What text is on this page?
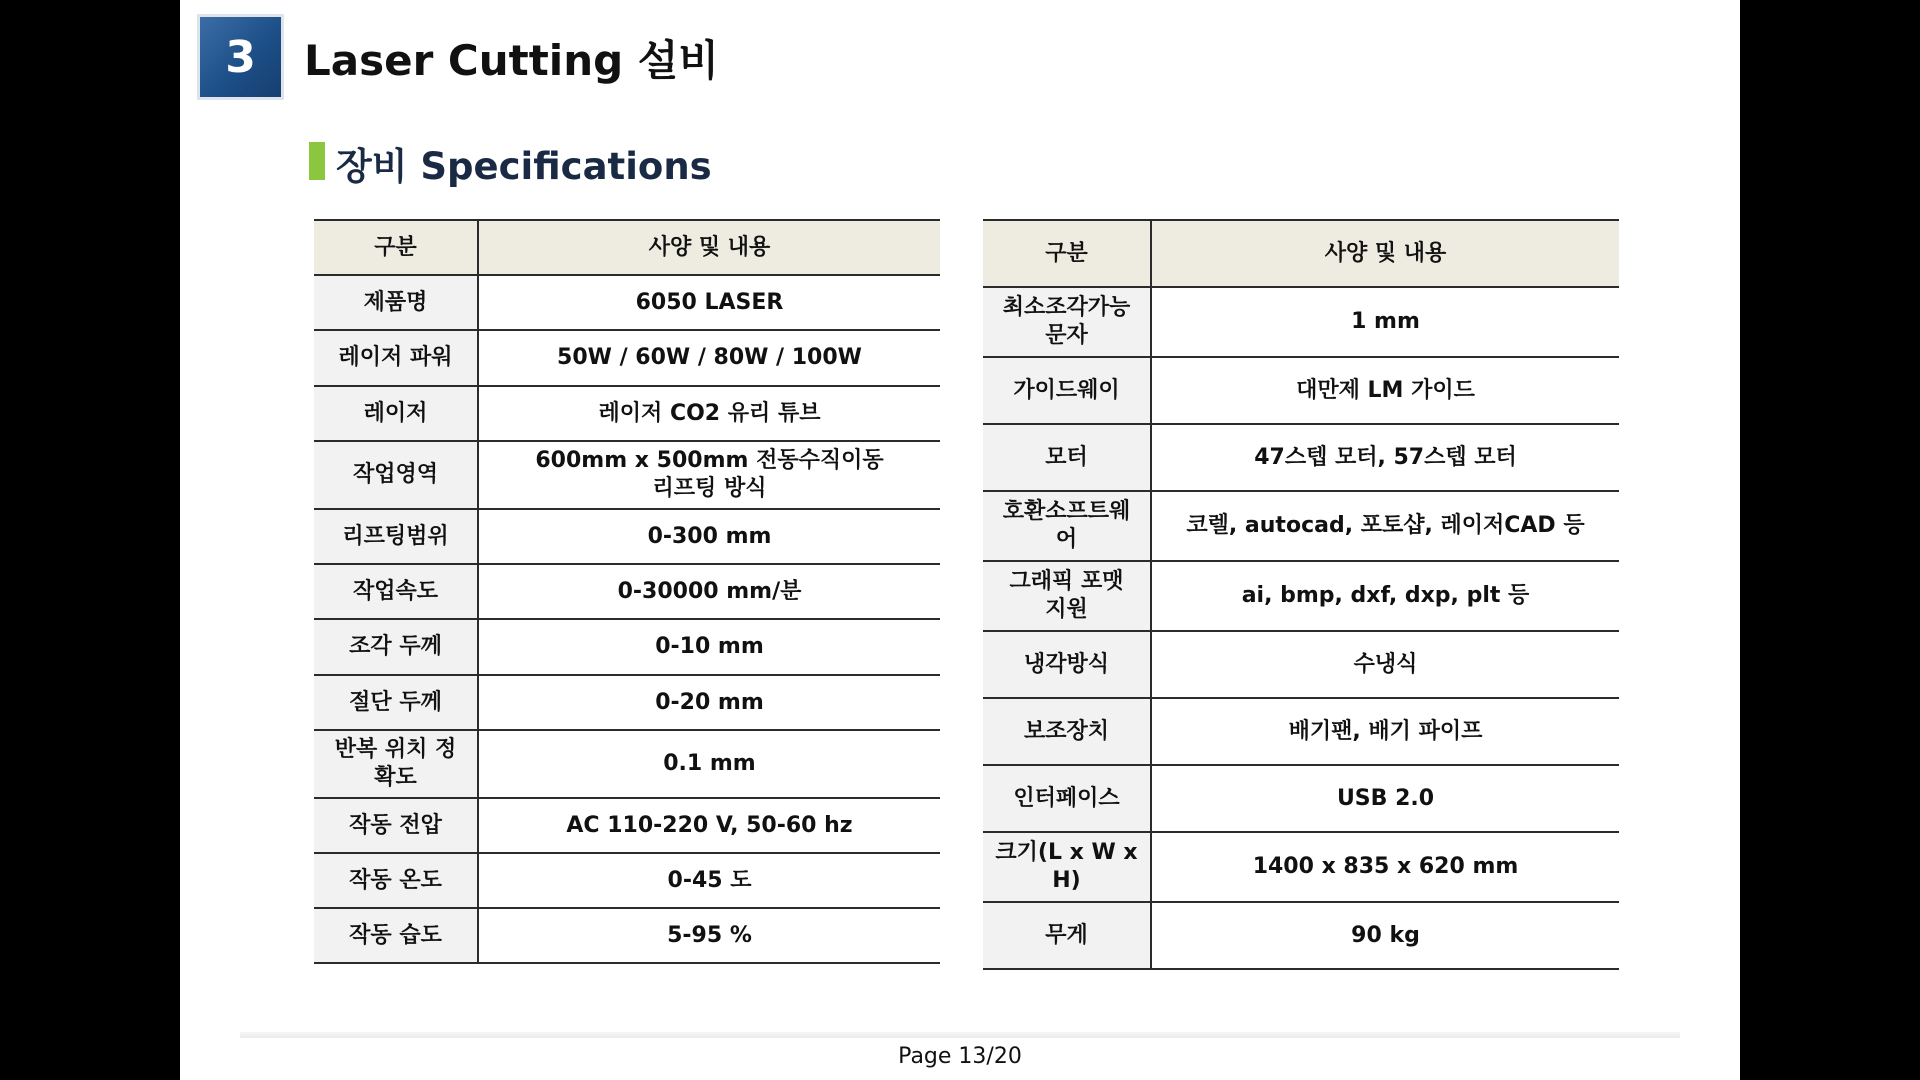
3 Laser Cutting 설비
장비 Specifications
구분	사양 및 내용
제품명	6050 LASER
레이저 파워	50W / 60W / 80W / 100W
레이저	레이저 CO2 유리 튜브
작업영역	600mm x 500mm 전동수직이동
리프팅 방식
리프팅범위	0-300 mm
작업속도	0-30000 mm/분
조각 두께	0-10 mm
절단 두께	0-20 mm
반복 위치 정
확도	0.1 mm
작동 전압	AC 110-220 V, 50-60 hz
작동 온도	0-45 도
작동 습도	5-95 %
구분	사양 및 내용
최소조각가능
문자	1 mm
가이드웨이	대만제 LM 가이드
모터	47스텝 모터, 57스텝 모터
호환소프트웨
어	코렐, autocad, 포토샵, 레이저CAD 등
그래픽 포맷
지원	ai, bmp, dxf, dxp, plt 등
냉각방식	수냉식
보조장치	배기팬, 배기 파이프
인터페이스	USB 2.0
크기(L x W x
H)	1400 x 835 x 620 mm
무게	90 kg
Page 13/20
